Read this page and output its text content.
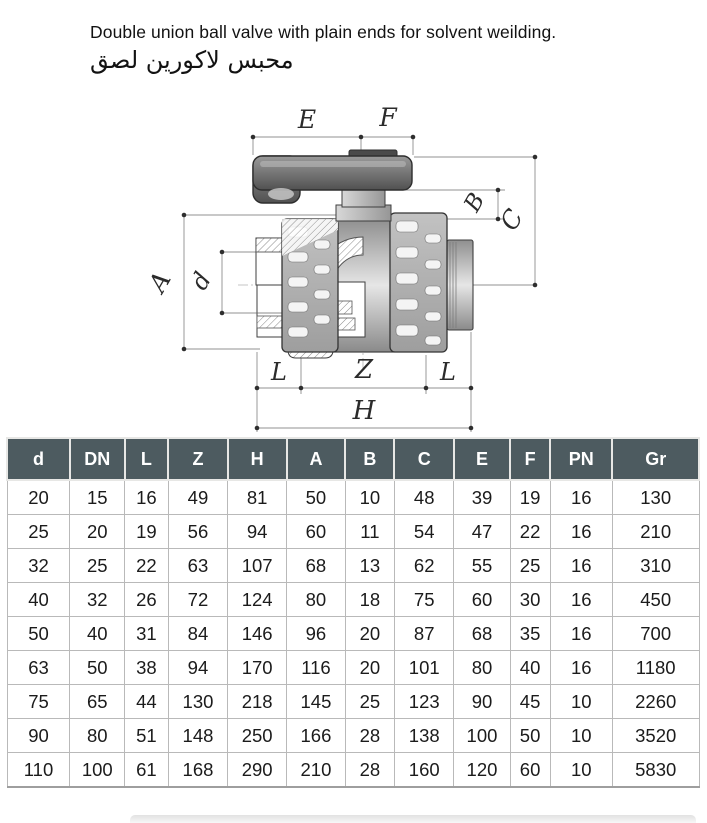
Double union ball valve with plain ends for solvent weilding.
محبس لاكورين لصق
E	F
B
C
A d
L	Z	L
H
d	DN	L	Z	H	A	B	C	E	F	PN	Gr
20	15	16	49	81	50	10	48	39	19	16	130
25	20	19	56	94	60	11	54	47	22	16	210
32	25	22	63	107	68	13	62	55	25	16	310
40	32	26	72	124	80	18	75	60	30	16	450
50	40	31	84	146	96	20	87	68	35	16	700
63	50	38	94	170	116	20	101	80	40	16	1180
75	65	44	130	218	145	25	123	90	45	10	2260
90	80	51	148	250	166	28	138	100	50	10	3520
110	100	61	168	290	210	28	160	120	60	10	5830
